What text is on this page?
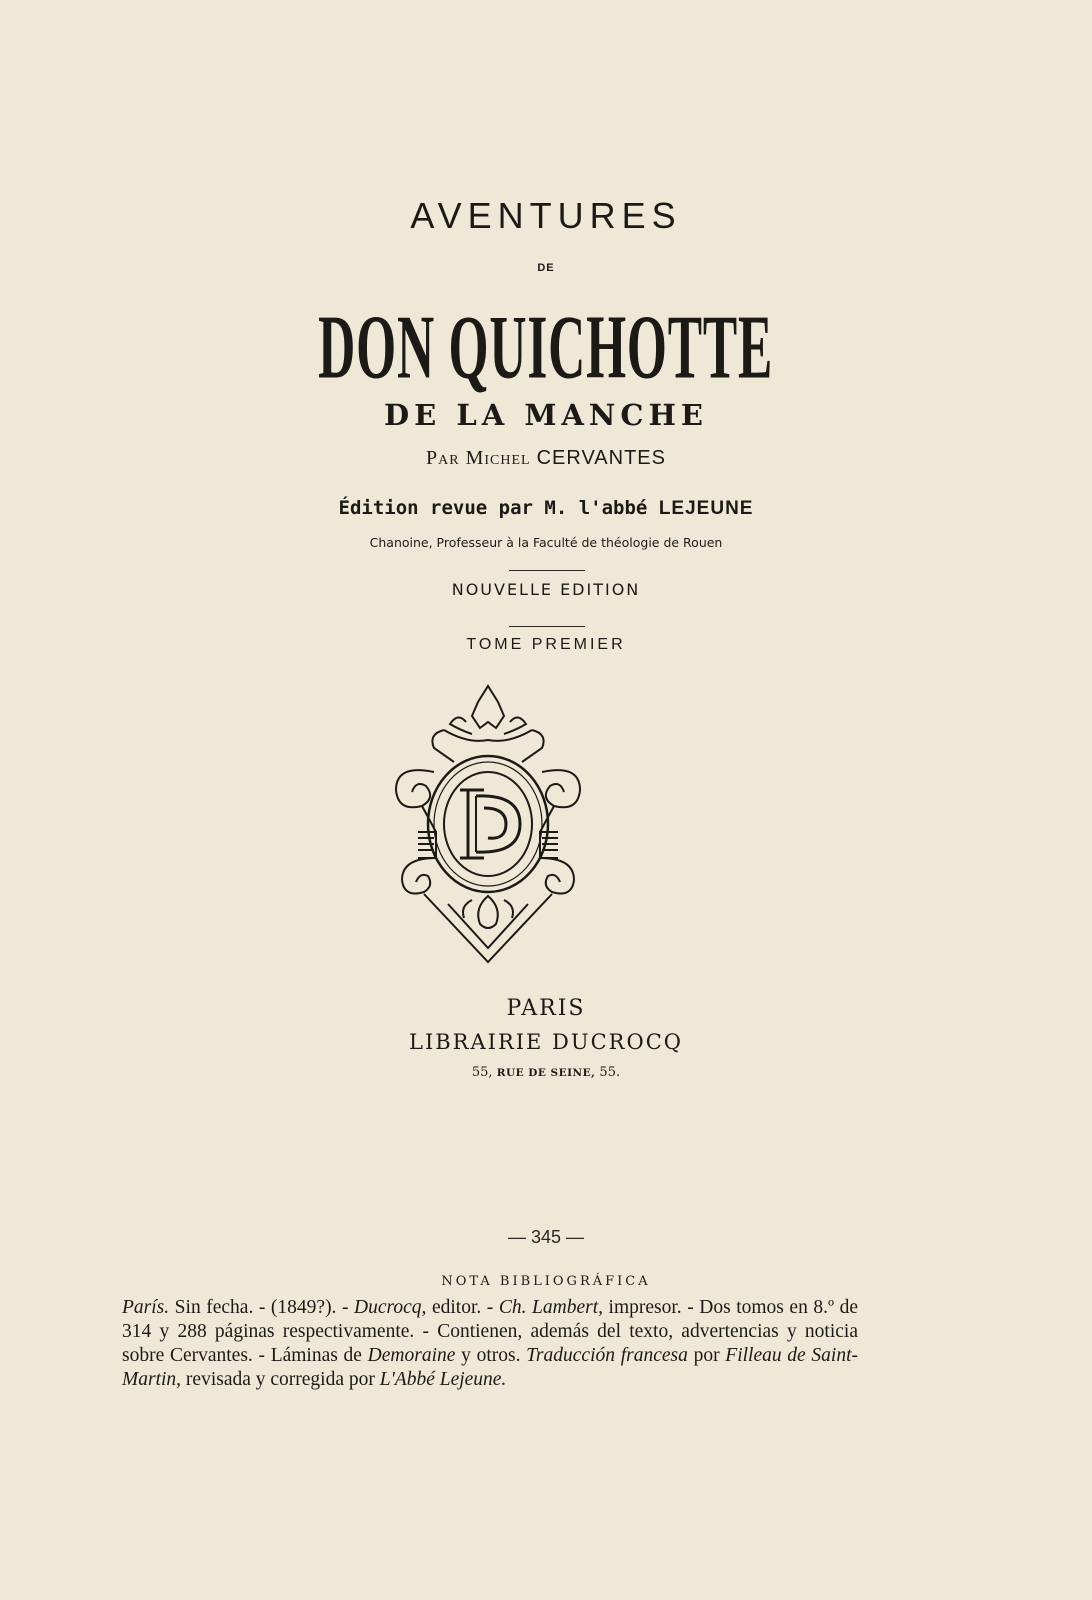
AVENTURES
DE
DON QUICHOTTE
DE LA MANCHE
Par Michel CERVANTES
Édition revue par M. l'abbé LEJEUNE
Chanoine, Professeur à la Faculté de théologie de Rouen
NOUVELLE EDITION
TOME PREMIER
PARIS
LIBRAIRIE DUCROCQ
55, RUE DE SEINE, 55.
— 345 —
NOTA BIBLIOGRÁFICA
París. Sin fecha. - (1849?). - Ducrocq, editor. - Ch. Lambert, impresor. - Dos tomos en 8.º de 314 y 288 páginas respectivamente. - Contienen, además del texto, advertencias y noticia sobre Cervantes. - Láminas de Demoraine y otros. Traducción francesa por Filleau de Saint-Martin, revisada y corregida por L'Abbé Lejeune.
